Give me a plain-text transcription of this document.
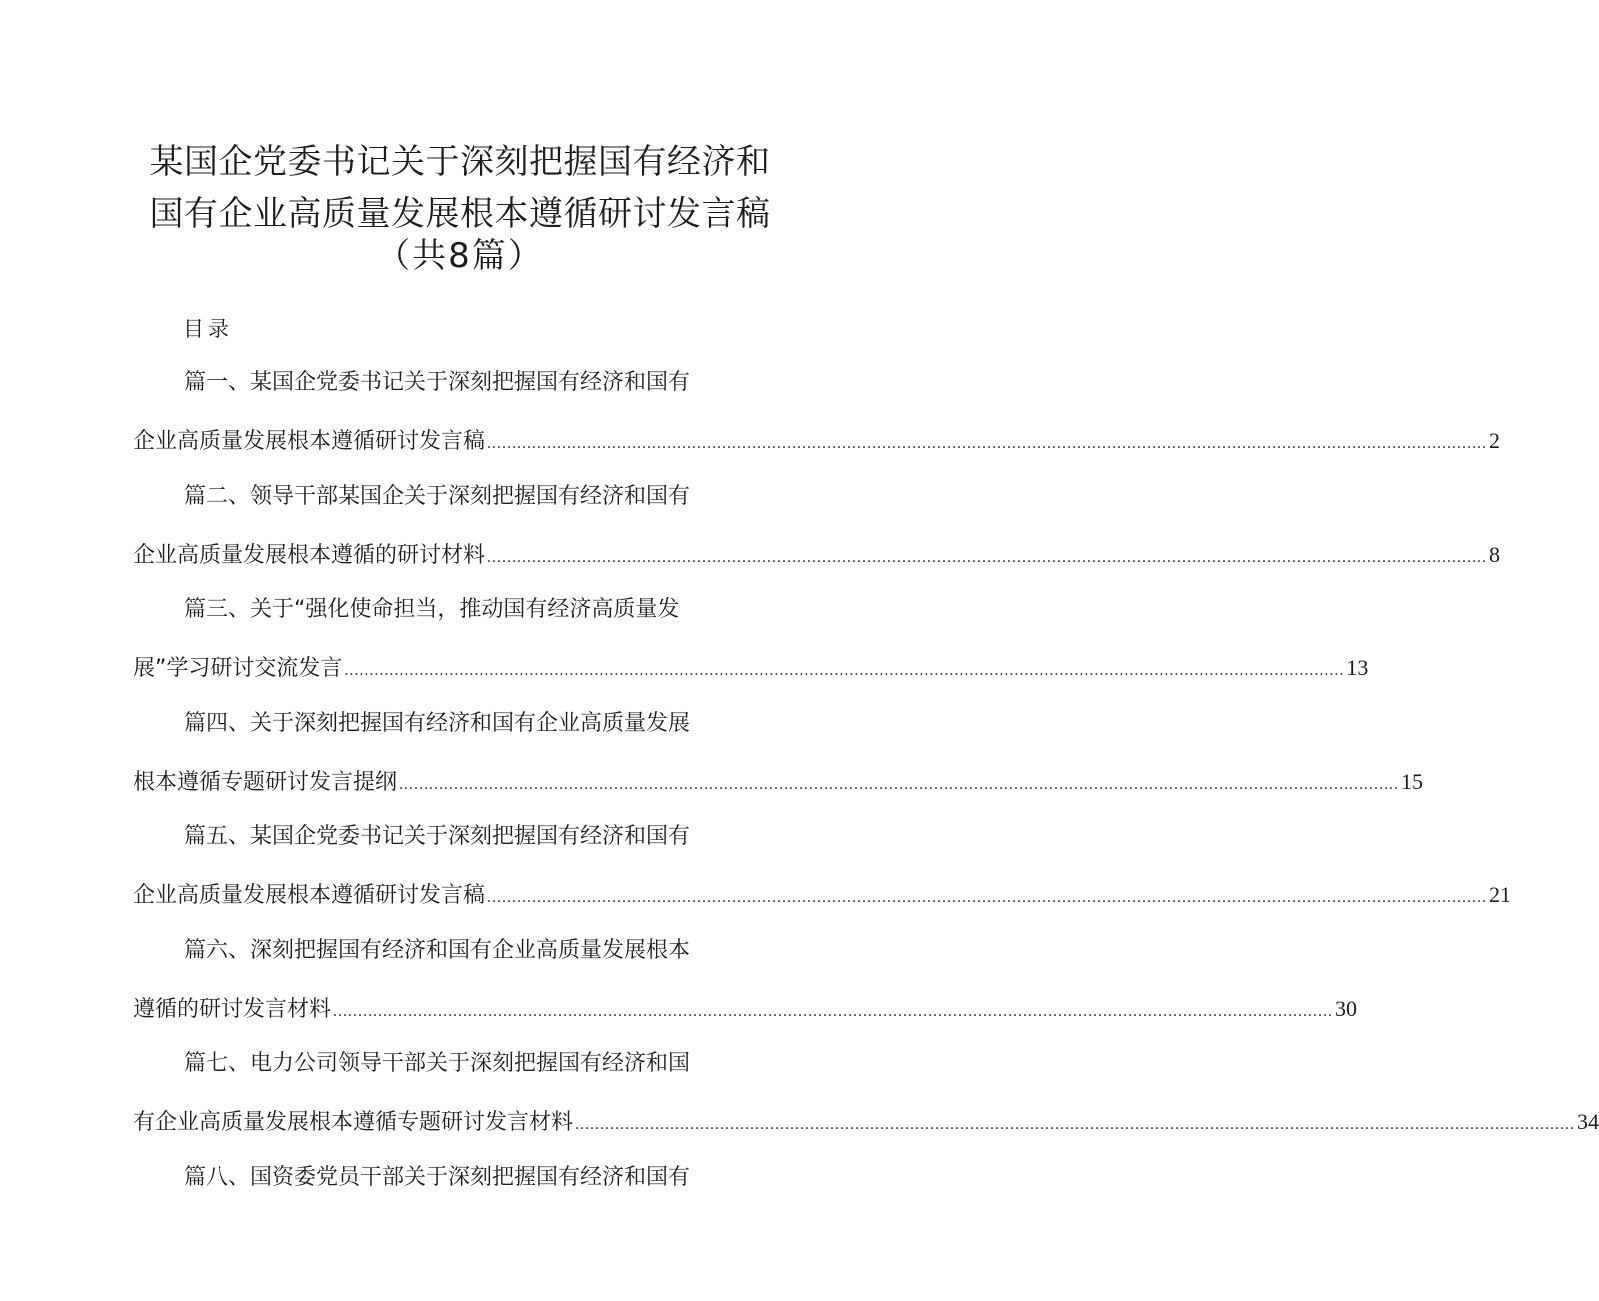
某国企党委书记关于深刻把握国有经济和
国有企业高质量发展根本遵循研讨发言稿
（共8篇）
目录
篇一、某国企党委书记关于深刻把握国有经济和国有
企业高质量发展根本遵循研讨发言稿 ........................................................................................................................................................................................................ 2
篇二、领导干部某国企关于深刻把握国有经济和国有
企业高质量发展根本遵循的研讨材料 ........................................................................................................................................................................................................ 8
篇三、关于“强化使命担当，推动国有经济高质量发
展”学习研讨交流发言 ........................................................................................................................................................................................................ 13
篇四、关于深刻把握国有经济和国有企业高质量发展
根本遵循专题研讨发言提纲 ........................................................................................................................................................................................................ 15
篇五、某国企党委书记关于深刻把握国有经济和国有
企业高质量发展根本遵循研讨发言稿 ........................................................................................................................................................................................................ 21
篇六、深刻把握国有经济和国有企业高质量发展根本
遵循的研讨发言材料 ........................................................................................................................................................................................................ 30
篇七、电力公司领导干部关于深刻把握国有经济和国
有企业高质量发展根本遵循专题研讨发言材料 ........................................................................................................................................................................................................ 34
篇八、国资委党员干部关于深刻把握国有经济和国有
